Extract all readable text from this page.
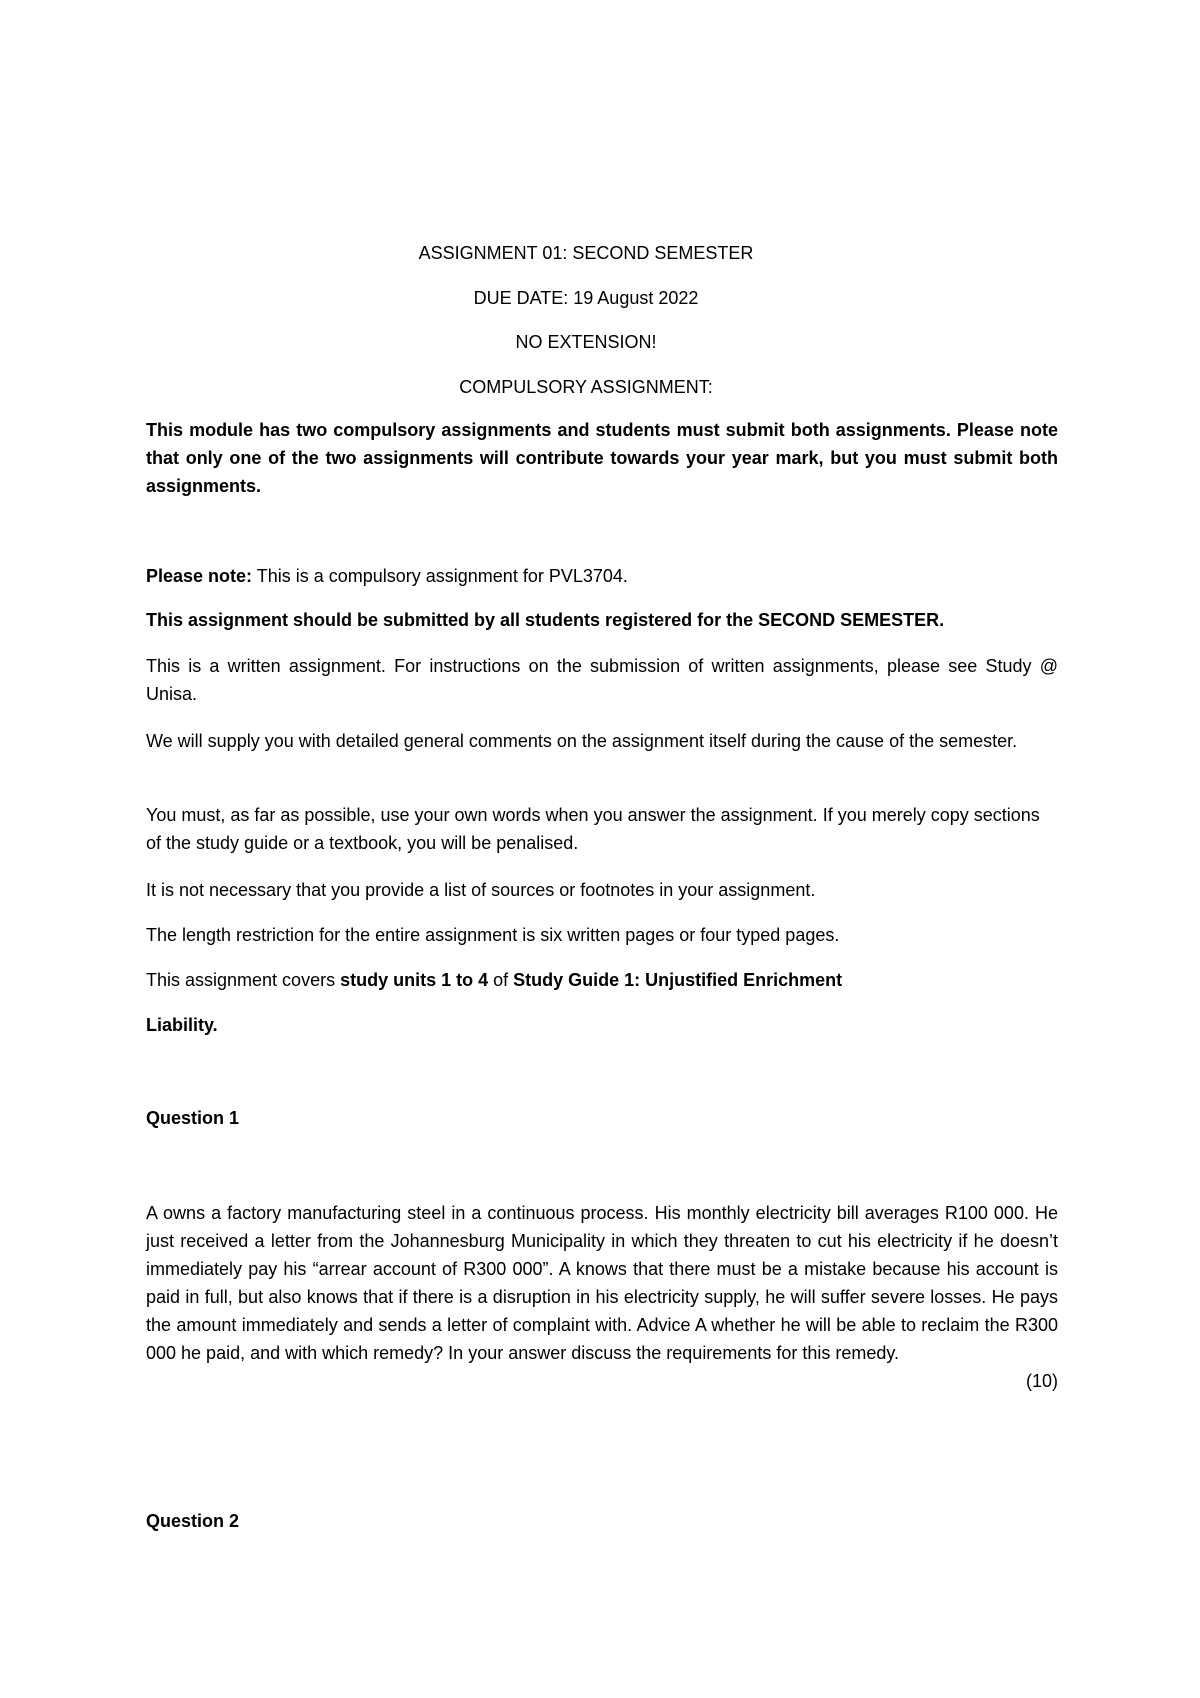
ASSIGNMENT 01: SECOND SEMESTER
DUE DATE: 19 August 2022
NO EXTENSION!
COMPULSORY ASSIGNMENT:

This module has two compulsory assignments and students must submit both assignments. Please note that only one of the two assignments will contribute towards your year mark, but you must submit both assignments.

Please note: This is a compulsory assignment for PVL3704.

This assignment should be submitted by all students registered for the SECOND SEMESTER.

This is a written assignment. For instructions on the submission of written assignments, please see Study @ Unisa.

We will supply you with detailed general comments on the assignment itself during the cause of the semester.

You must, as far as possible, use your own words when you answer the assignment. If you merely copy sections of the study guide or a textbook, you will be penalised.

It is not necessary that you provide a list of sources or footnotes in your assignment.

The length restriction for the entire assignment is six written pages or four typed pages.

This assignment covers study units 1 to 4 of Study Guide 1: Unjustified Enrichment

Liability.

Question 1

A owns a factory manufacturing steel in a continuous process. His monthly electricity bill averages R100 000. He just received a letter from the Johannesburg Municipality in which they threaten to cut his electricity if he doesn’t immediately pay his “arrear account of R300 000”. A knows that there must be a mistake because his account is paid in full, but also knows that if there is a disruption in his electricity supply, he will suffer severe losses. He pays the amount immediately and sends a letter of complaint with. Advice A whether he will be able to reclaim the R300 000 he paid, and with which remedy? In your answer discuss the requirements for this remedy.

(10)

Question 2
